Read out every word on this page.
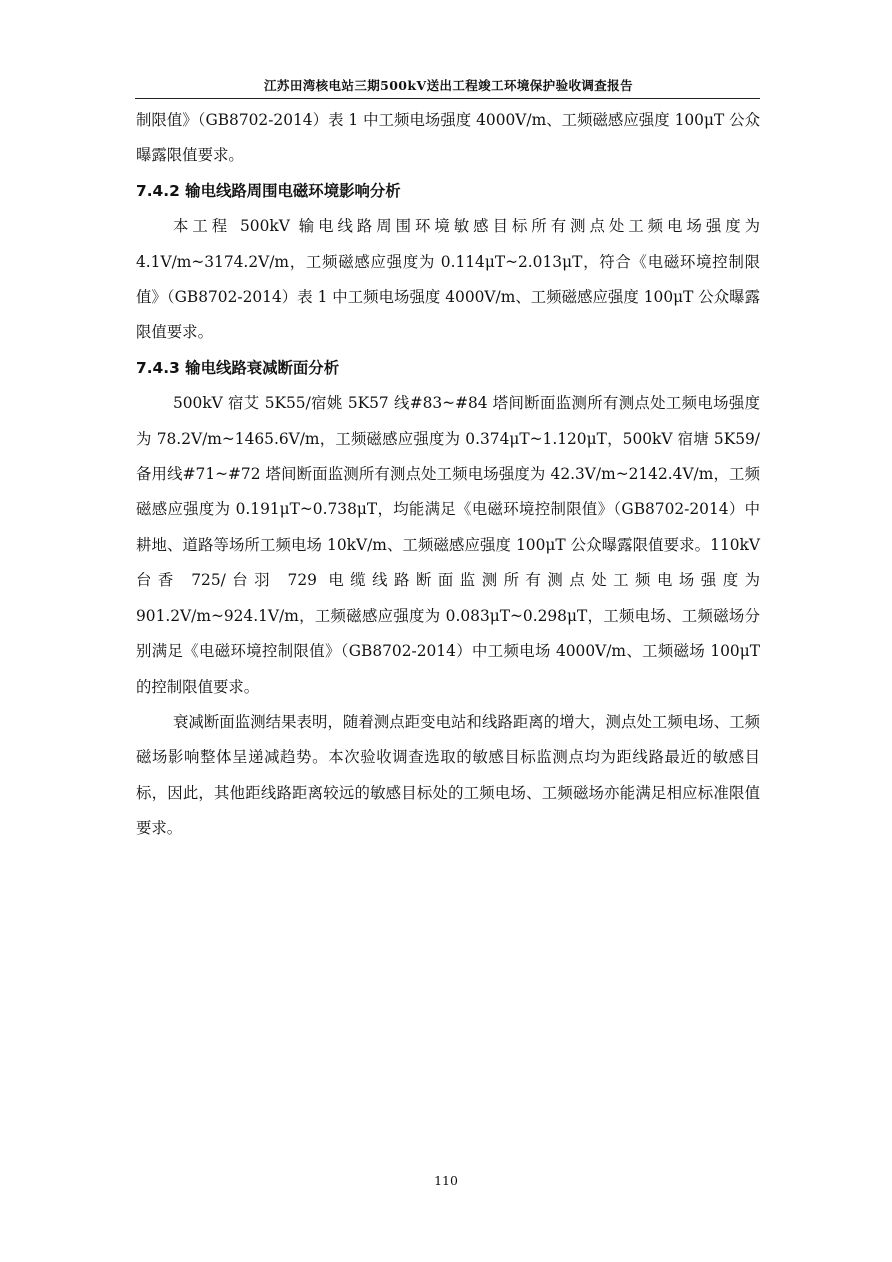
江苏田湾核电站三期500kV送出工程竣工环境保护验收调查报告

制限值》（GB8702-2014）表 1 中工频电场强度 4000V/m、工频磁感应强度 100μT 公众曝露限值要求。

7.4.2 输电线路周围电磁环境影响分析

本工程 500kV 输电线路周围环境敏感目标所有测点处工频电场强度为 4.1V/m~3174.2V/m，工频磁感应强度为 0.114μT~2.013μT，符合《电磁环境控制限值》（GB8702-2014）表 1 中工频电场强度 4000V/m、工频磁感应强度 100μT 公众曝露限值要求。

7.4.3 输电线路衰减断面分析

500kV 宿艾 5K55/宿姚 5K57 线#83~#84 塔间断面监测所有测点处工频电场强度为 78.2V/m~1465.6V/m，工频磁感应强度为 0.374μT~1.120μT，500kV 宿塘 5K59/备用线#71~#72 塔间断面监测所有测点处工频电场强度为 42.3V/m~2142.4V/m，工频磁感应强度为 0.191μT~0.738μT，均能满足《电磁环境控制限值》（GB8702-2014）中耕地、道路等场所工频电场 10kV/m、工频磁感应强度 100μT 公众曝露限值要求。110kV 台香 725/台羽 729 电缆线路断面监测所有测点处工频电场强度为 901.2V/m~924.1V/m，工频磁感应强度为 0.083μT~0.298μT，工频电场、工频磁场分别满足《电磁环境控制限值》（GB8702-2014）中工频电场 4000V/m、工频磁场 100μT 的控制限值要求。

衰减断面监测结果表明，随着测点距变电站和线路距离的增大，测点处工频电场、工频磁场影响整体呈递减趋势。本次验收调查选取的敏感目标监测点均为距线路最近的敏感目标，因此，其他距线路距离较远的敏感目标处的工频电场、工频磁场亦能满足相应标准限值要求。

110
